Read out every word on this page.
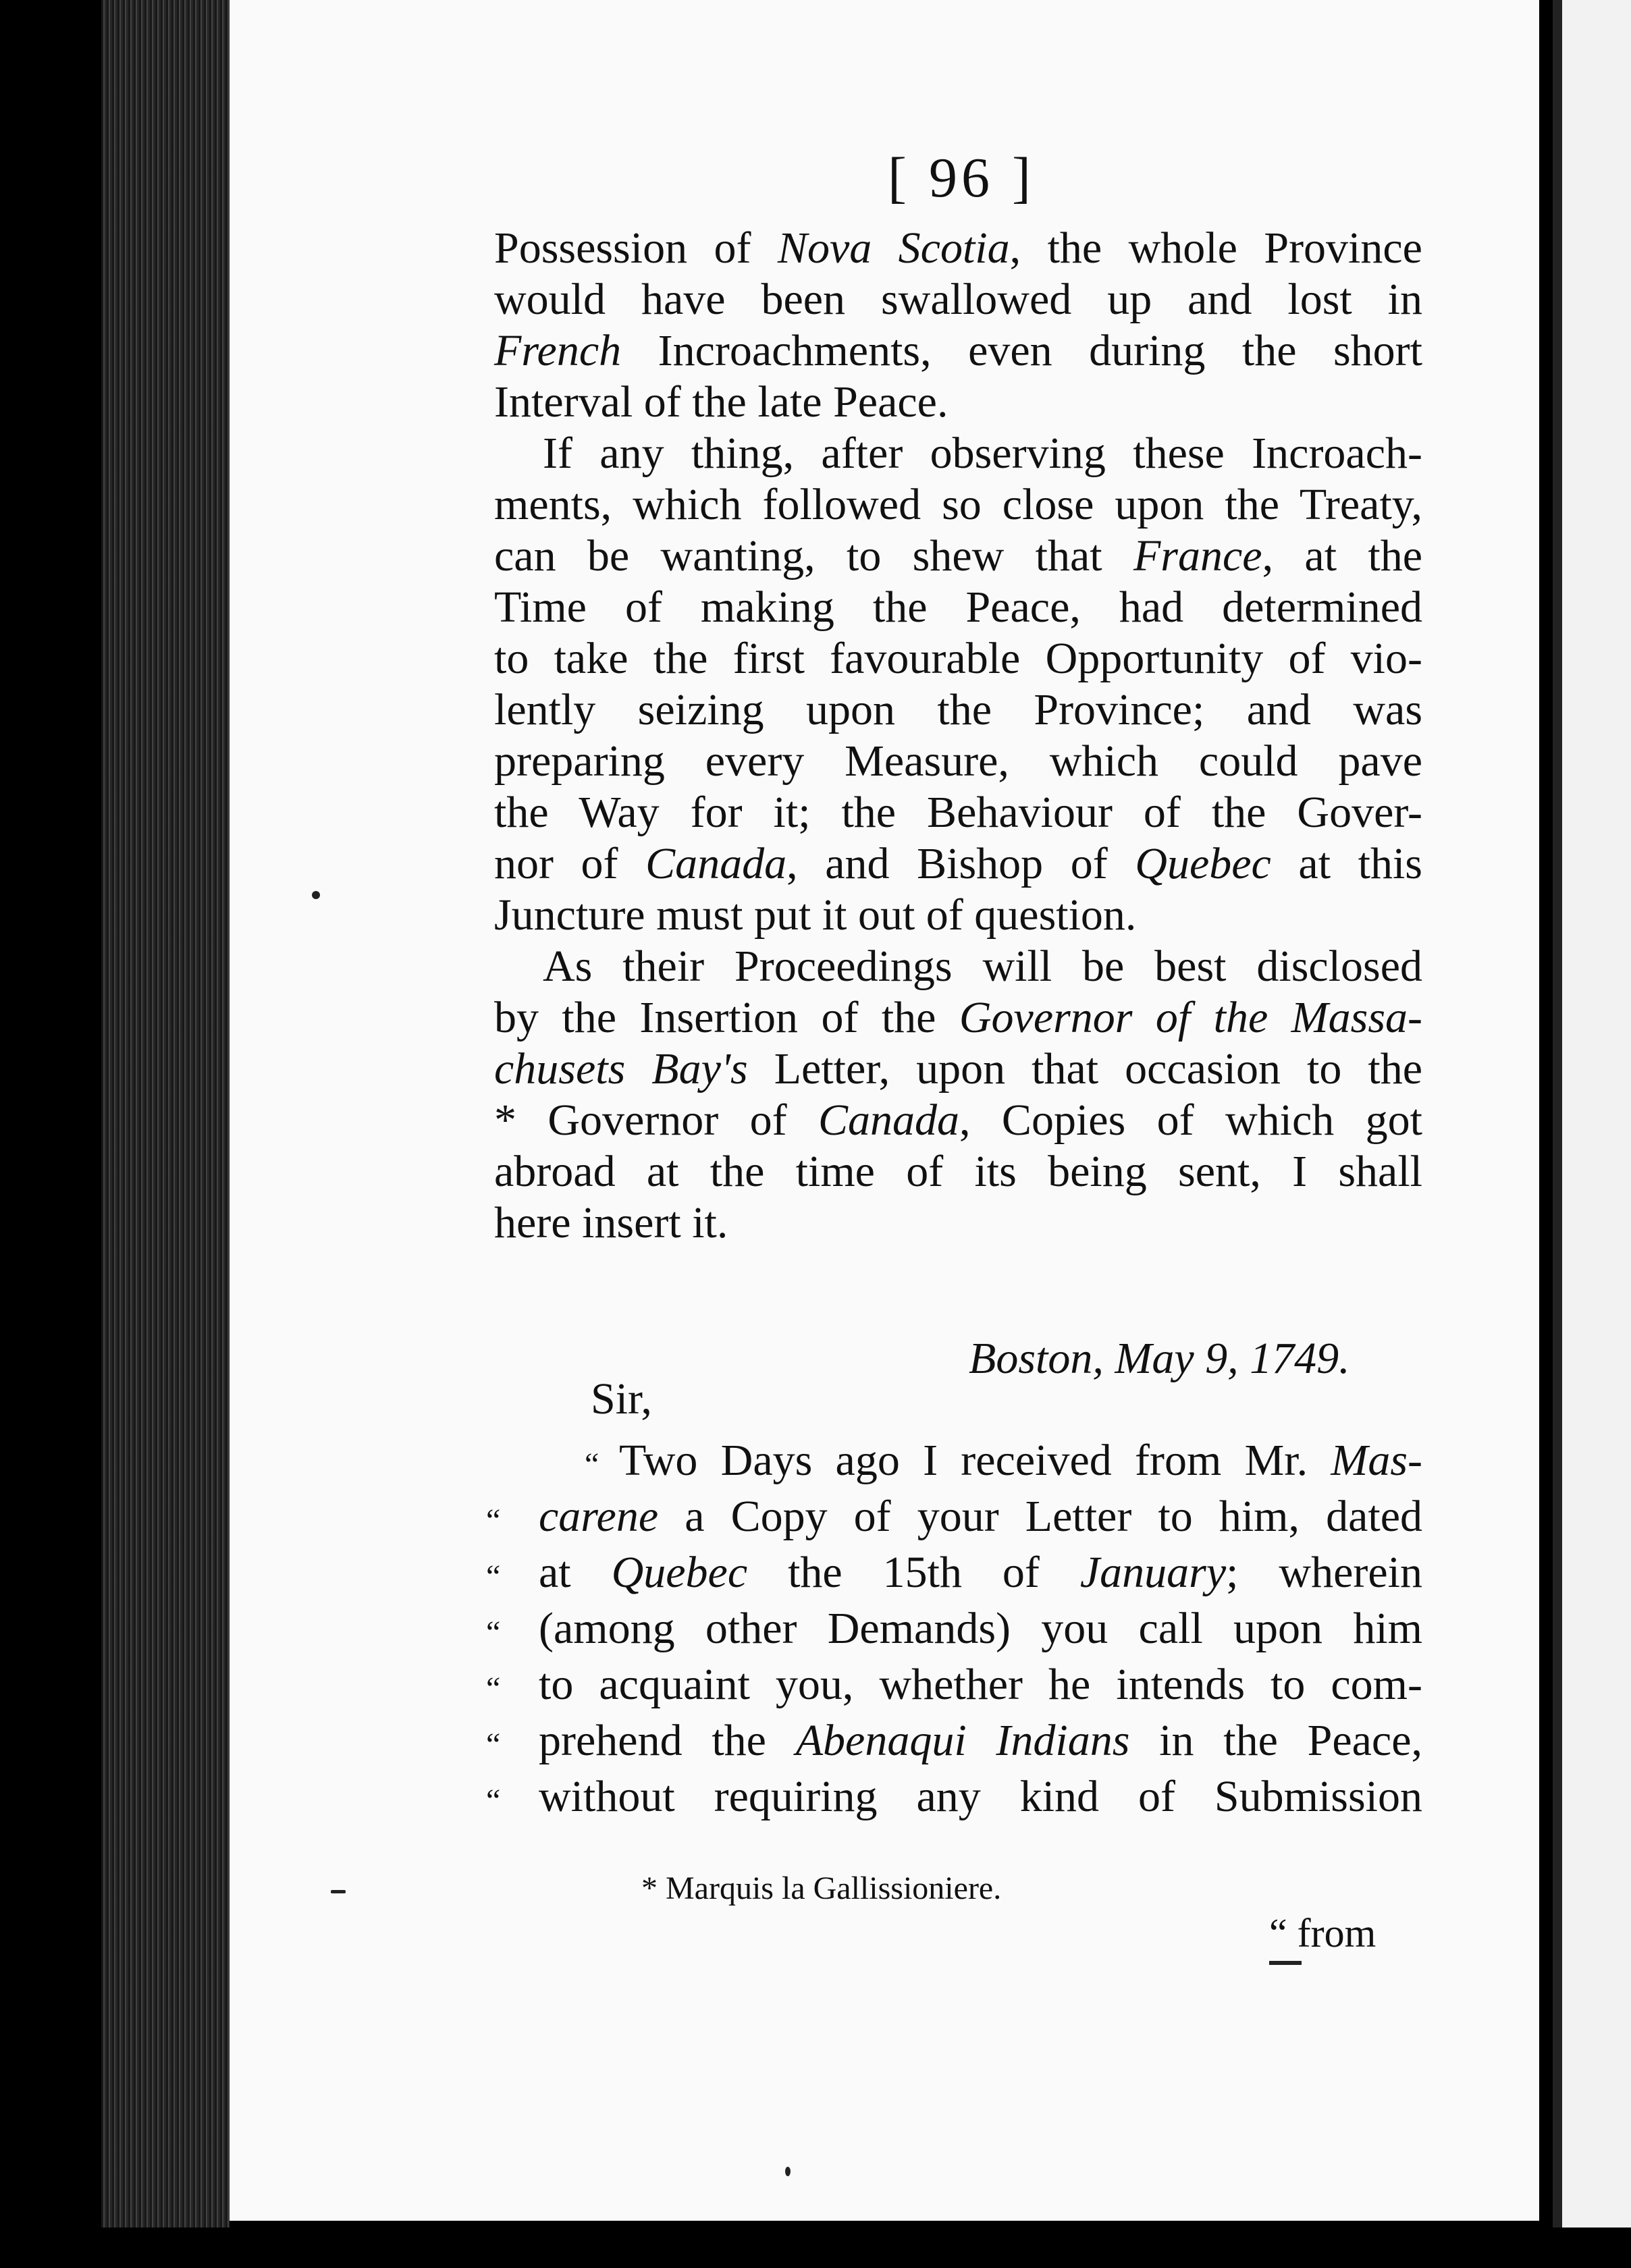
[ 96 ]
Possession of Nova Scotia, the whole Province
would have been swallowed up and lost in
French Incroachments, even during the short
Interval of the late Peace.
If any thing, after observing these Incroach-
ments, which followed so close upon the Treaty,
can be wanting, to shew that France, at the
Time of making the Peace, had determined
to take the first favourable Opportunity of vio-
lently seizing upon the Province; and was
preparing every Measure, which could pave
the Way for it; the Behaviour of the Gover-
nor of Canada, and Bishop of Quebec at this
Juncture must put it out of question.
As their Proceedings will be best disclosed
by the Insertion of the Governor of the Massa-
chusets Bay's Letter, upon that occasion to the
* Governor of Canada, Copies of which got
abroad at the time of its being sent, I shall
here insert it.
Boston, May 9, 1749.
Sir,
“ Two Days ago I received from Mr. Mas-
“ carene a Copy of your Letter to him, dated
“ at Quebec the 15th of January; wherein
“ (among other Demands) you call upon him
“ to acquaint you, whether he intends to com-
“ prehend the Abenaqui Indians in the Peace,
“ without requiring any kind of Submission
* Marquis la Gallissioniere.
“ from
